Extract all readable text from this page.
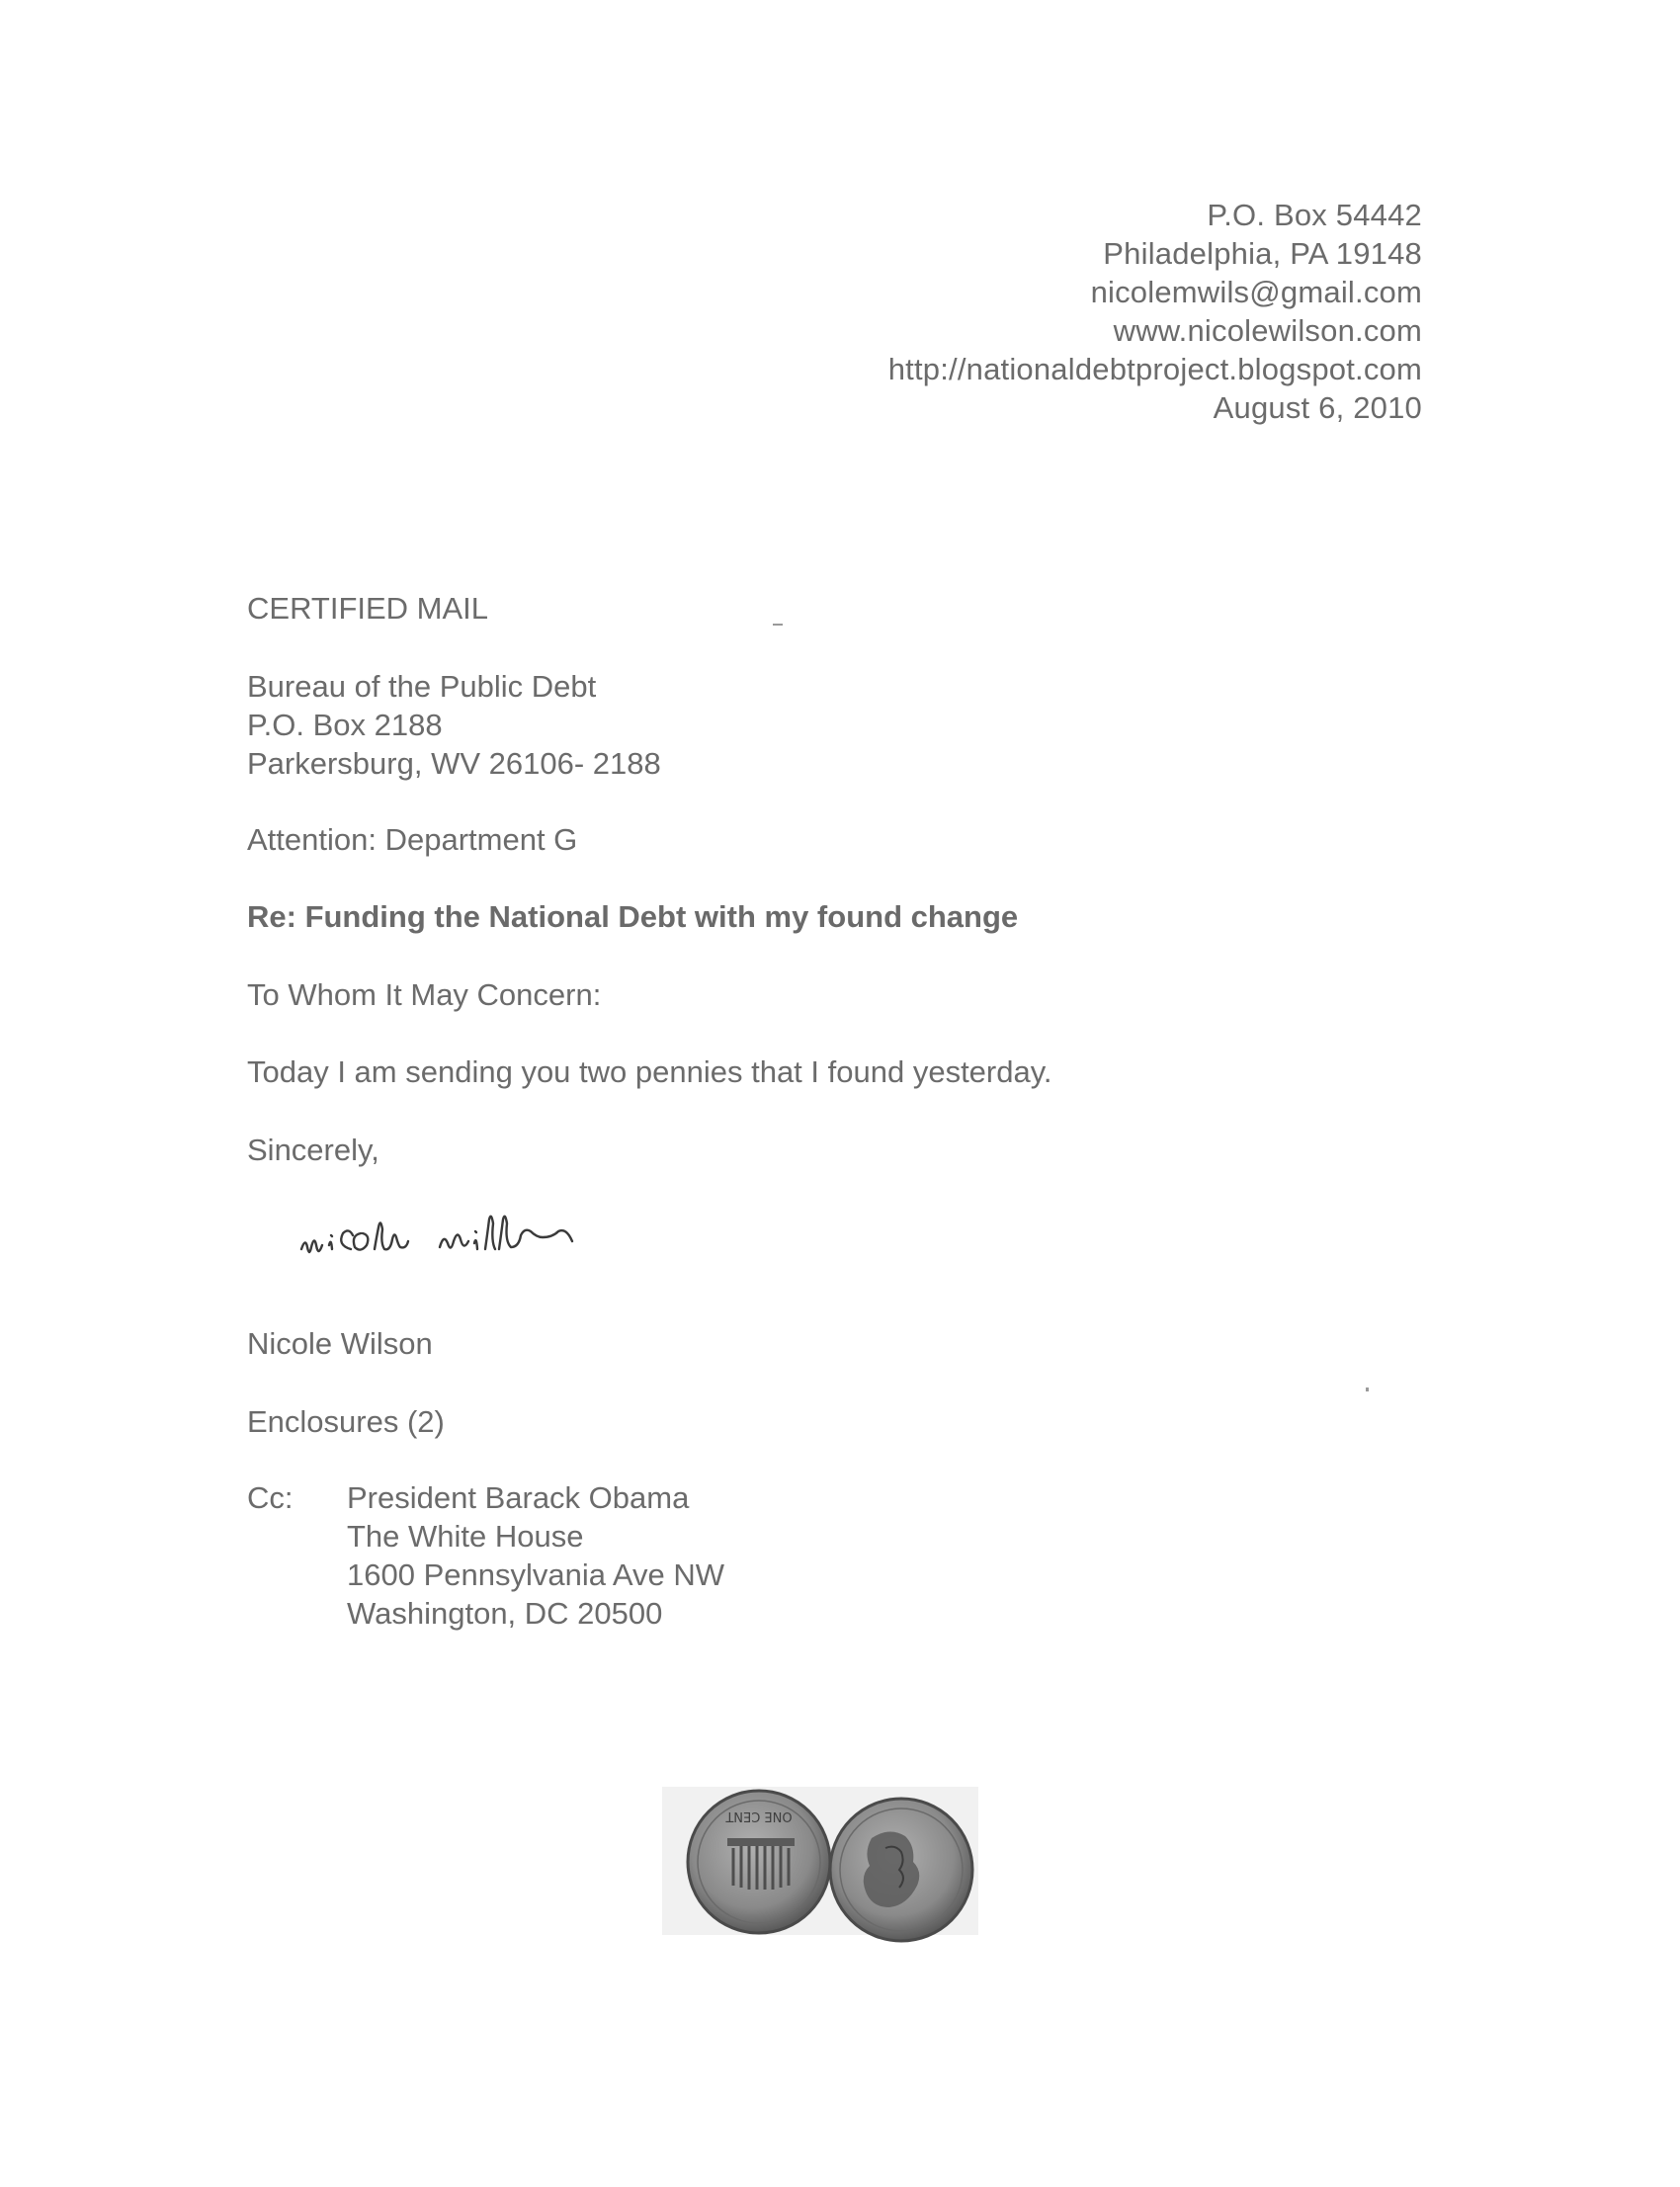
P.O. Box 54442
Philadelphia, PA 19148
nicolemwils@gmail.com
www.nicolewilson.com
http://nationaldebtproject.blogspot.com
August 6, 2010
CERTIFIED MAIL
Bureau of the Public Debt
P.O. Box 2188
Parkersburg, WV 26106- 2188
Attention: Department G
Re: Funding the National Debt with my found change
To Whom It May Concern:
Today I am sending you two pennies that I found yesterday.
Sincerely,
Nicole Wilson
Enclosures (2)
Cc: President Barack Obama
The White House
1600 Pennsylvania Ave NW
Washington, DC 20500
ONE CENT
